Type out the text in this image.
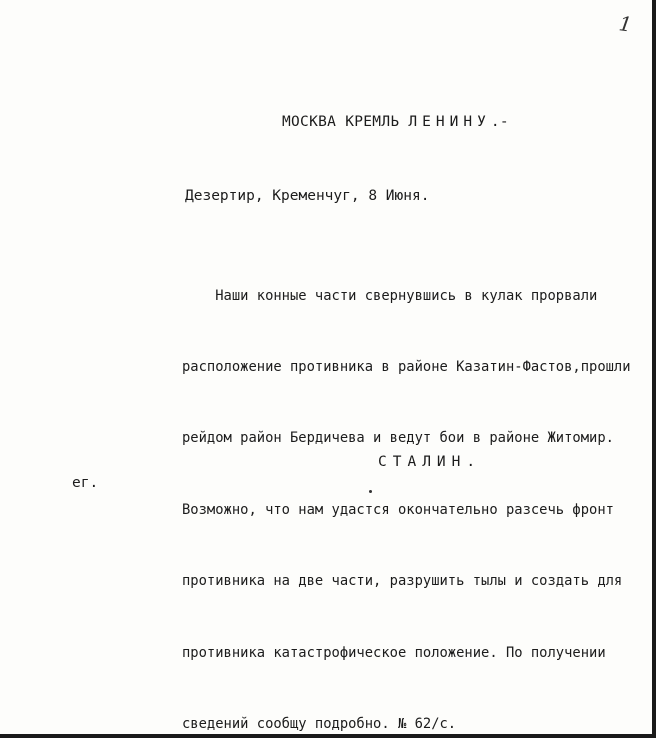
1
МОСКВА КРЕМЛЬ ЛЕНИНУ.-
Дезертир, Кременчуг, 8 Июня.

Наши конные части свернувшись в кулак прорвали

расположение противника в районе Казатин-Фастов,прошли

рейдом район Бердичева и ведут бои в районе Житомир.

Возможно, что нам удастся окончательно разсечь фронт

противника на две части, разрушить тылы и создать для

противника катастрофическое положение. По получении

сведений сообщу подробно. № 62/с.

СТАЛИН.
ег.
